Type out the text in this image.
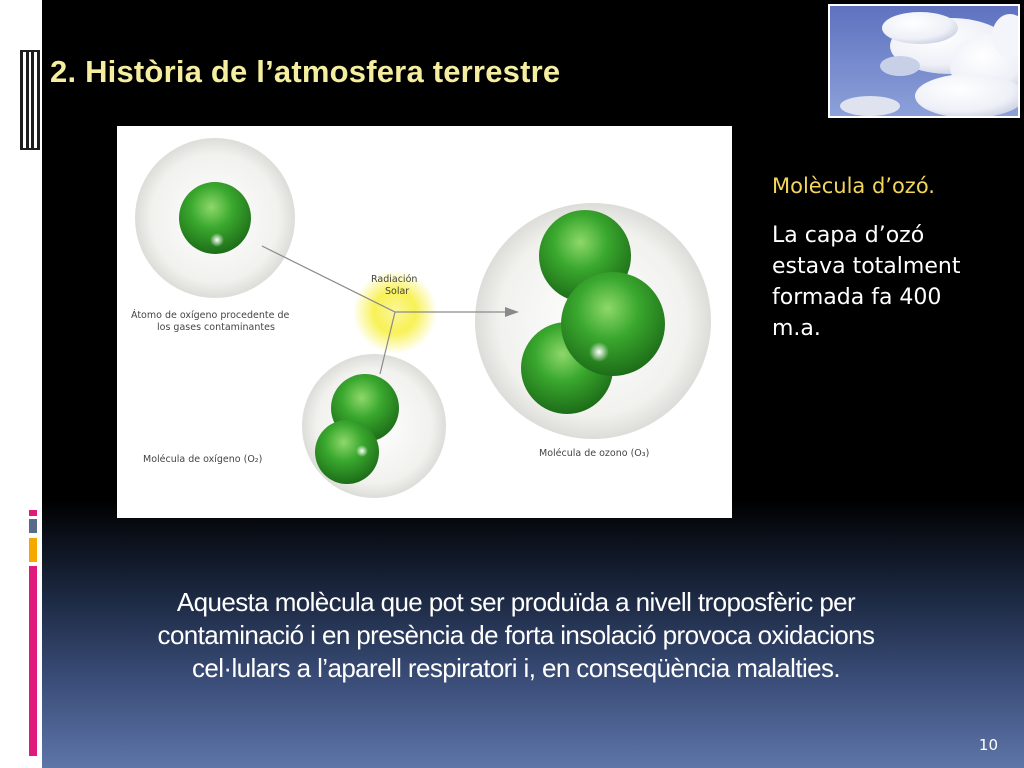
2. Història de l’atmosfera terrestre
Átomo de oxígeno procedente de
los gases contaminantes
Radiación
Solar
Molécula de oxígeno (O₂)
Molécula de ozono (O₃)
Molècula d’ozó.
La capa d’ozó estava totalment formada fa 400 m.a.
Aquesta molècula que pot ser produïda a nivell troposfèric per
contaminació i en presència de forta insolació provoca oxidacions
cel·lulars a l’aparell respiratori i, en conseqüència malalties.
10
